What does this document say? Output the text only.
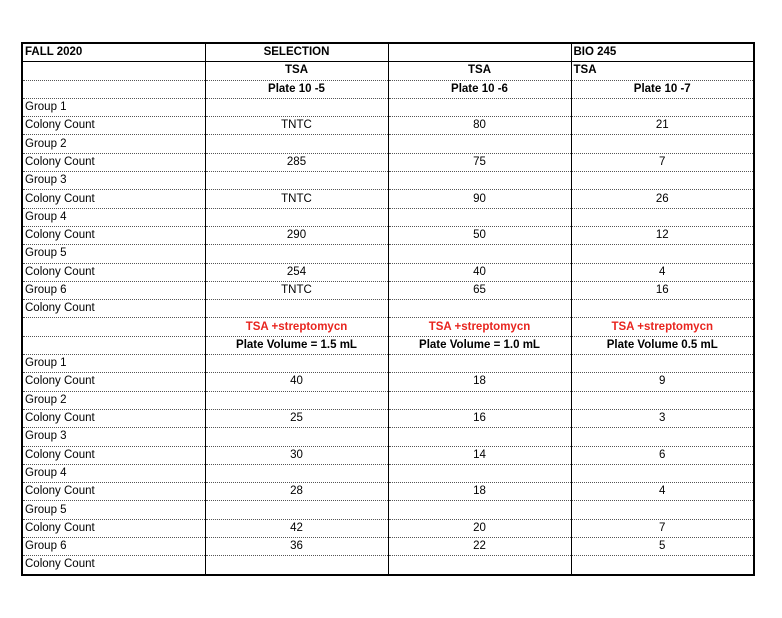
FALL 2020	SELECTION		BIO 245
	TSA	TSA	TSA
	Plate 10 -5	Plate 10 -6	Plate 10 -7
Group 1			
Colony Count	TNTC	80	21
Group 2			
Colony Count	285	75	7
Group 3			
Colony Count	TNTC	90	26
Group 4			
Colony Count	290	50	12
Group 5			
Colony Count	254	40	4
Group 6	TNTC	65	16
Colony Count			
	TSA +streptomycn	TSA +streptomycn	TSA +streptomycn
	Plate Volume = 1.5 mL	Plate Volume = 1.0 mL	Plate Volume 0.5 mL
Group 1			
Colony Count	40	18	9
Group 2			
Colony Count	25	16	3
Group 3			
Colony Count	30	14	6
Group 4			
Colony Count	28	18	4
Group 5			
Colony Count	42	20	7
Group 6	36	22	5
Colony Count			
